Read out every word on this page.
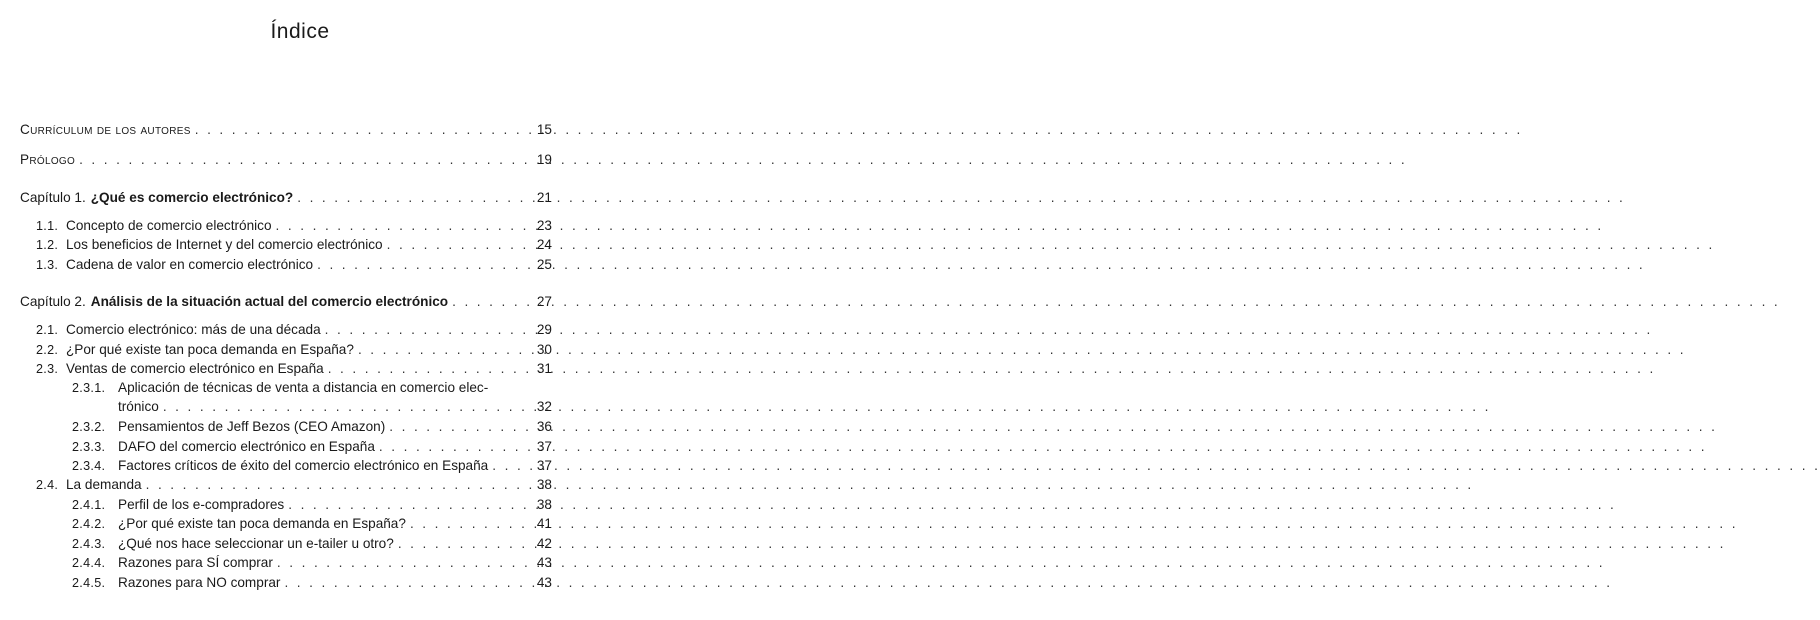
Índice
Currículum de los autores . . .	15
Prólogo . . .	19
Capítulo 1. ¿Qué es comercio electrónico? . . .	21
1.1. Concepto de comercio electrónico . . .	23
1.2. Los beneficios de Internet y del comercio electrónico . . .	24
1.3. Cadena de valor en comercio electrónico . . .	25
Capítulo 2. Análisis de la situación actual del comercio electrónico . . .	27
2.1. Comercio electrónico: más de una década . . .	29
2.2. ¿Por qué existe tan poca demanda en España? . . .	30
2.3. Ventas de comercio electrónico en España . . .	31
2.3.1. Aplicación de técnicas de venta a distancia en comercio elec-
trónico . . .	32
2.3.2. Pensamientos de Jeff Bezos (CEO Amazon) . . .	36
2.3.3. DAFO del comercio electrónico en España . . .	37
2.3.4. Factores críticos de éxito del comercio electrónico en España . . .	37
2.4. La demanda . . .	38
2.4.1. Perfil de los e-compradores . . .	38
2.4.2. ¿Por qué existe tan poca demanda en España? . . .	41
2.4.3. ¿Qué nos hace seleccionar un e-tailer u otro? . . .	42
2.4.4. Razones para SÍ comprar . . .	43
2.4.5. Razones para NO comprar . . .	43
